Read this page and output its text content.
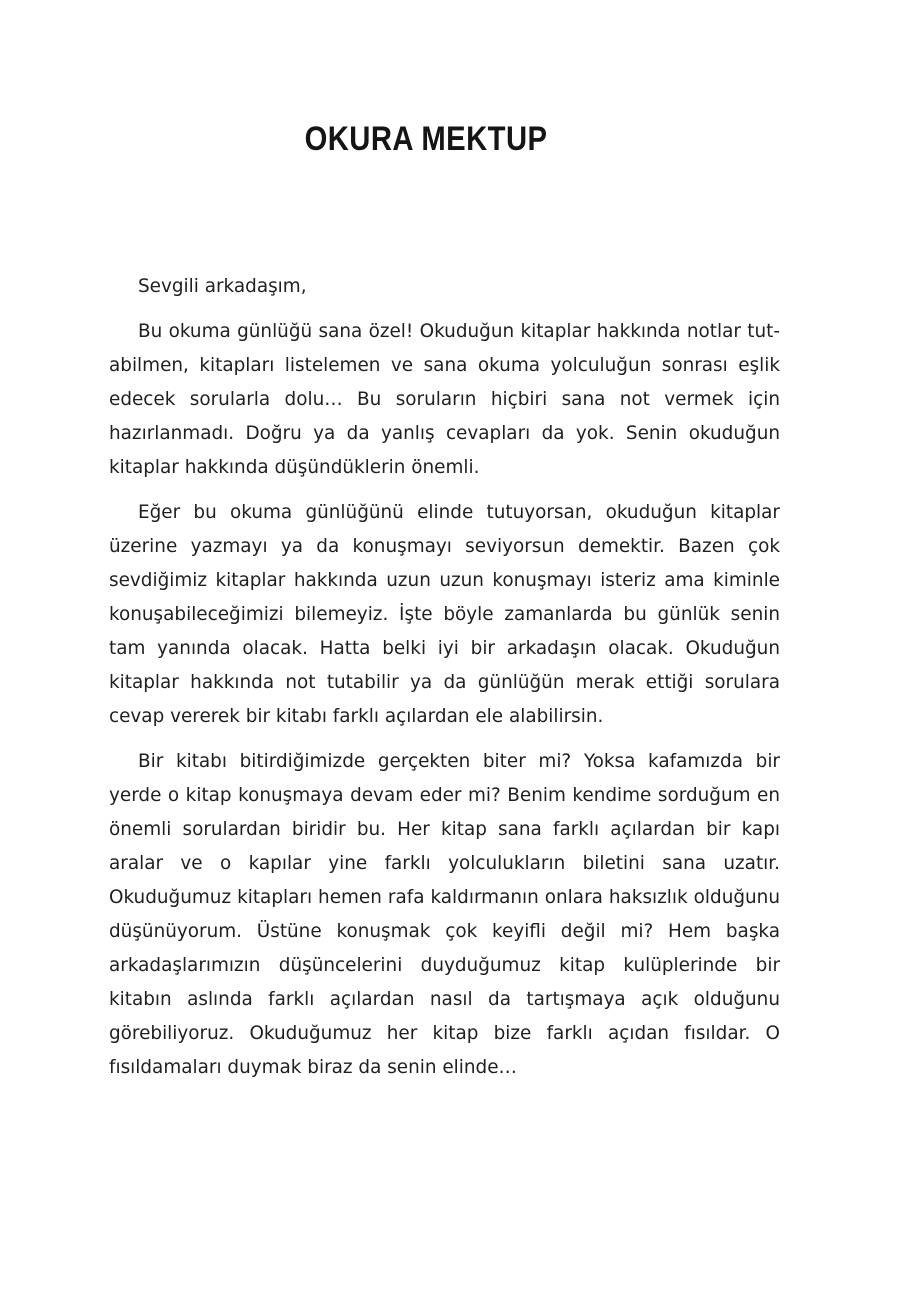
OKURA MEKTUP

Sevgili arkadaşım,

Bu okuma günlüğü sana özel! Okuduğun kitaplar hakkında notlar tutabilmen, kitapları listelemen ve sana okuma yolculuğun sonrası eşlik edecek sorularla dolu… Bu soruların hiçbiri sana not vermek için hazırlanmadı. Doğru ya da yanlış cevapları da yok. Senin okuduğun kitaplar hakkında düşündüklerin önemli.

Eğer bu okuma günlüğünü elinde tutuyorsan, okuduğun kitaplar üzerine yazmayı ya da konuşmayı seviyorsun demektir. Bazen çok sevdiğimiz kitaplar hakkında uzun uzun konuşmayı isteriz ama kiminle konuşabileceğimizi bilemeyiz. İşte böyle zamanlarda bu günlük senin tam yanında olacak. Hatta belki iyi bir arkadaşın olacak. Okuduğun kitaplar hakkında not tutabilir ya da günlüğün merak ettiği sorulara cevap vererek bir kitabı farklı açılardan ele alabilirsin.

Bir kitabı bitirdiğimizde gerçekten biter mi? Yoksa kafamızda bir yerde o kitap konuşmaya devam eder mi? Benim kendime sorduğum en önemli sorulardan biridir bu. Her kitap sana farklı açılardan bir kapı aralar ve o kapılar yine farklı yolculukların biletini sana uzatır. Okuduğumuz kitapları hemen rafa kaldırmanın onlara haksızlık olduğunu düşünüyorum. Üstüne konuşmak çok keyifli değil mi? Hem başka arkadaşlarımızın düşüncelerini duyduğumuz kitap kulüplerinde bir kitabın aslında farklı açılardan nasıl da tartışmaya açık olduğunu görebiliyoruz. Okuduğumuz her kitap bize farklı açıdan fısıldar. O fısıldamaları duymak biraz da senin elinde…
